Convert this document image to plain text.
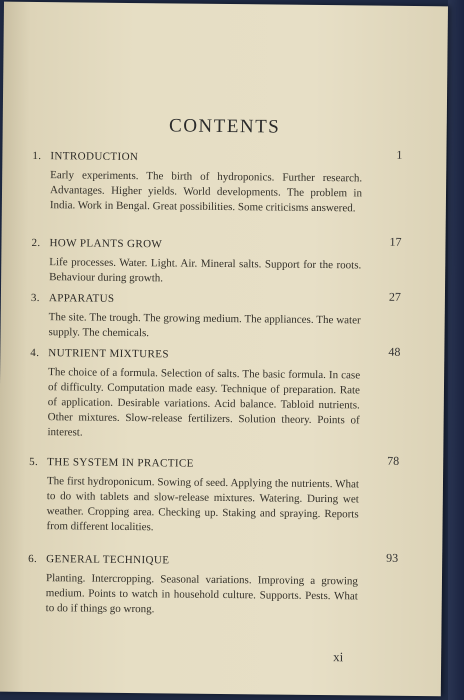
CONTENTS
1. INTRODUCTION	1
Early experiments. The birth of hydroponics. Further research. Advantages. Higher yields. World developments. The problem in India. Work in Bengal. Great possibilities. Some criticisms answered.
2. HOW PLANTS GROW	17
Life processes. Water. Light. Air. Mineral salts. Support for the roots. Behaviour during growth.
3. APPARATUS	27
The site. The trough. The growing medium. The appliances. The water supply. The chemicals.
4. NUTRIENT MIXTURES	48
The choice of a formula. Selection of salts. The basic formula. In case of difficulty. Computation made easy. Technique of preparation. Rate of application. Desirable variations. Acid balance. Tabloid nutrients. Other mixtures. Slow-release fertilizers. Solution theory. Points of interest.
5. THE SYSTEM IN PRACTICE	78
The first hydroponicum. Sowing of seed. Applying the nutrients. What to do with tablets and slow-release mixtures. Watering. During wet weather. Cropping area. Checking up. Staking and spraying. Reports from different localities.
6. GENERAL TECHNIQUE	93
Planting. Intercropping. Seasonal variations. Improving a growing medium. Points to watch in household culture. Supports. Pests. What to do if things go wrong.
xi
